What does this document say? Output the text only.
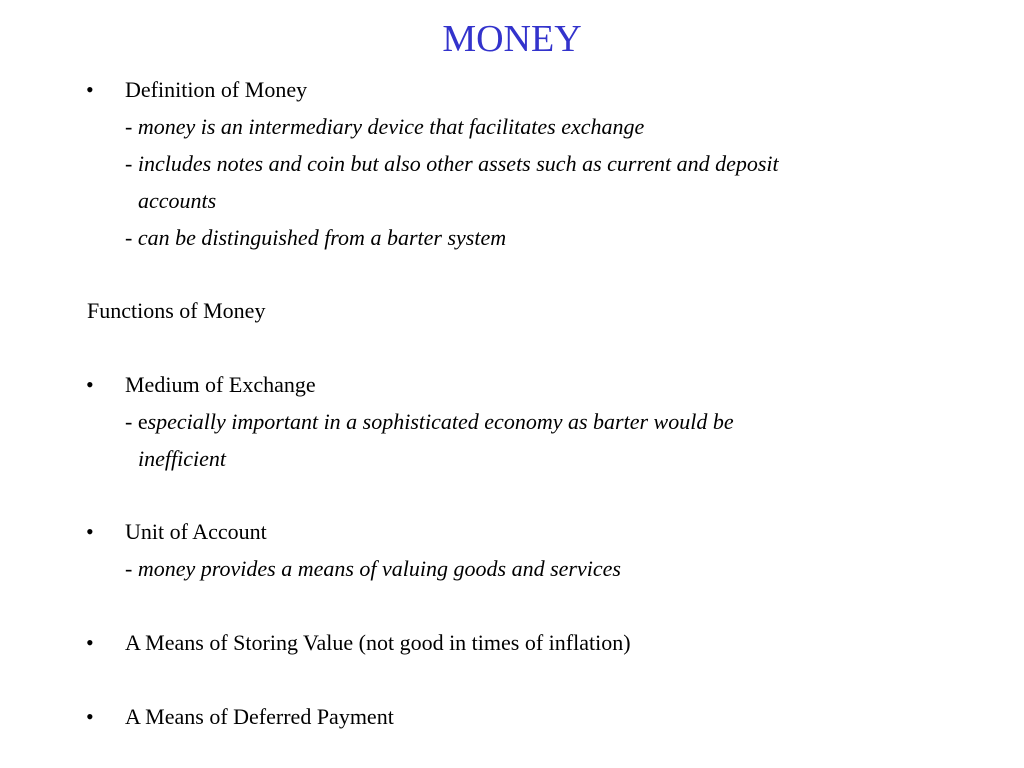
MONEY
• Definition of Money
- money is an intermediary device that facilitates exchange
- includes notes and coin but also other assets such as current and deposit
accounts
- can be distinguished from a barter system
Functions of Money
• Medium of Exchange
- especially important in a sophisticated economy as barter would be
inefficient
• Unit of Account
- money provides a means of valuing goods and services
• A Means of Storing Value (not good in times of inflation)
• A Means of Deferred Payment
